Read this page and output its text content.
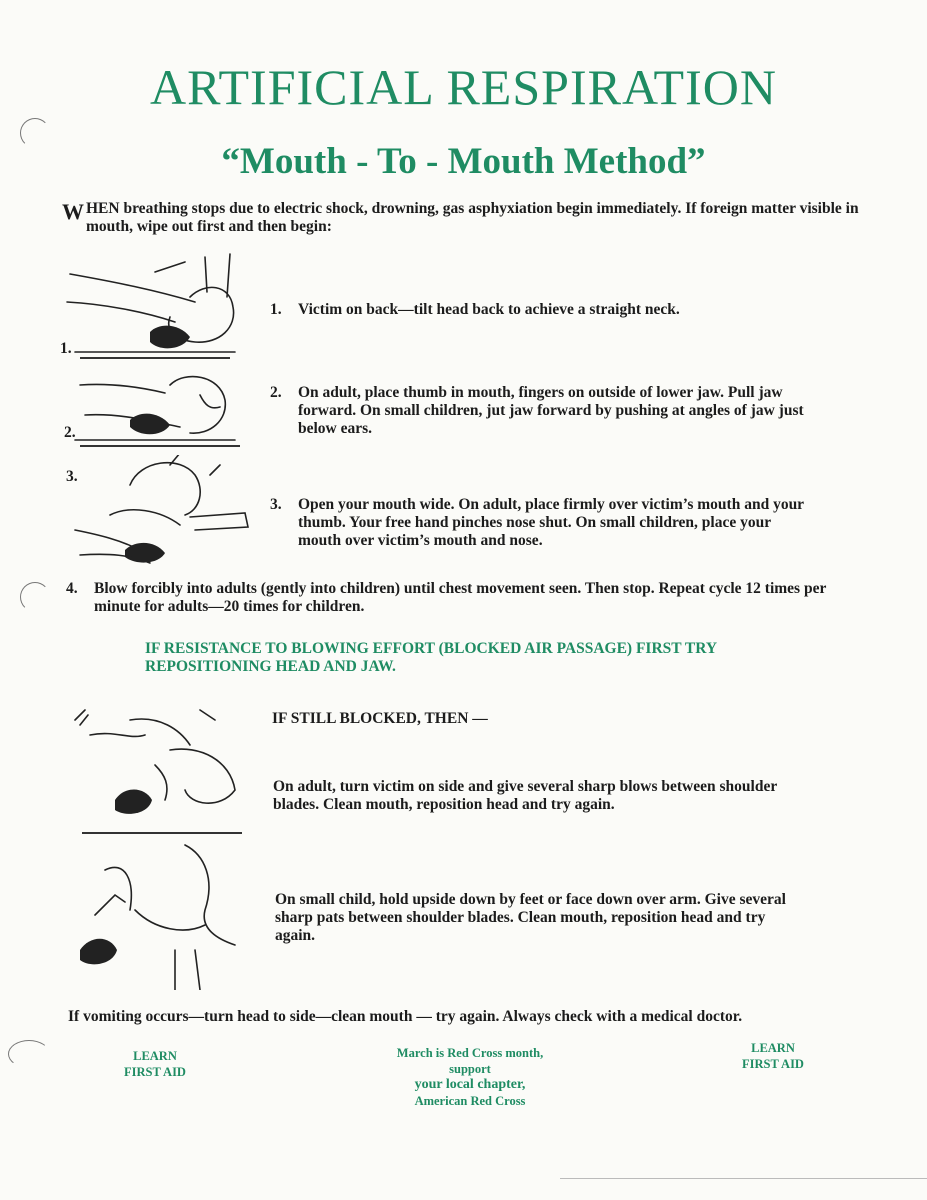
ARTIFICIAL RESPIRATION
“Mouth - To - Mouth Method”
W HEN breathing stops due to electric shock, drowning, gas asphyxiation begin immediately. If foreign matter visible in mouth, wipe out first and then begin:
1.
2.
3.
1. Victim on back—tilt head back to achieve a straight neck.
2. On adult, place thumb in mouth, fingers on outside of lower jaw. Pull jaw forward. On small children, jut jaw forward by pushing at angles of jaw just below ears.
3. Open your mouth wide. On adult, place firmly over victim’s mouth and your thumb. Your free hand pinches nose shut. On small children, place your mouth over victim’s mouth and nose.
4. Blow forcibly into adults (gently into children) until chest movement seen. Then stop. Repeat cycle 12 times per minute for adults—20 times for children.
IF RESISTANCE TO BLOWING EFFORT (BLOCKED AIR PASSAGE) FIRST TRY REPOSITIONING HEAD AND JAW.
IF STILL BLOCKED, THEN —
On adult, turn victim on side and give several sharp blows between shoulder blades. Clean mouth, reposition head and try again.
On small child, hold upside down by feet or face down over arm. Give several sharp pats between shoulder blades. Clean mouth, reposition head and try again.
If vomiting occurs—turn head to side—clean mouth — try again. Always check with a medical doctor.
LEARN
FIRST AID
March is Red Cross month,
support
your local chapter,
American Red Cross
LEARN
FIRST AID
